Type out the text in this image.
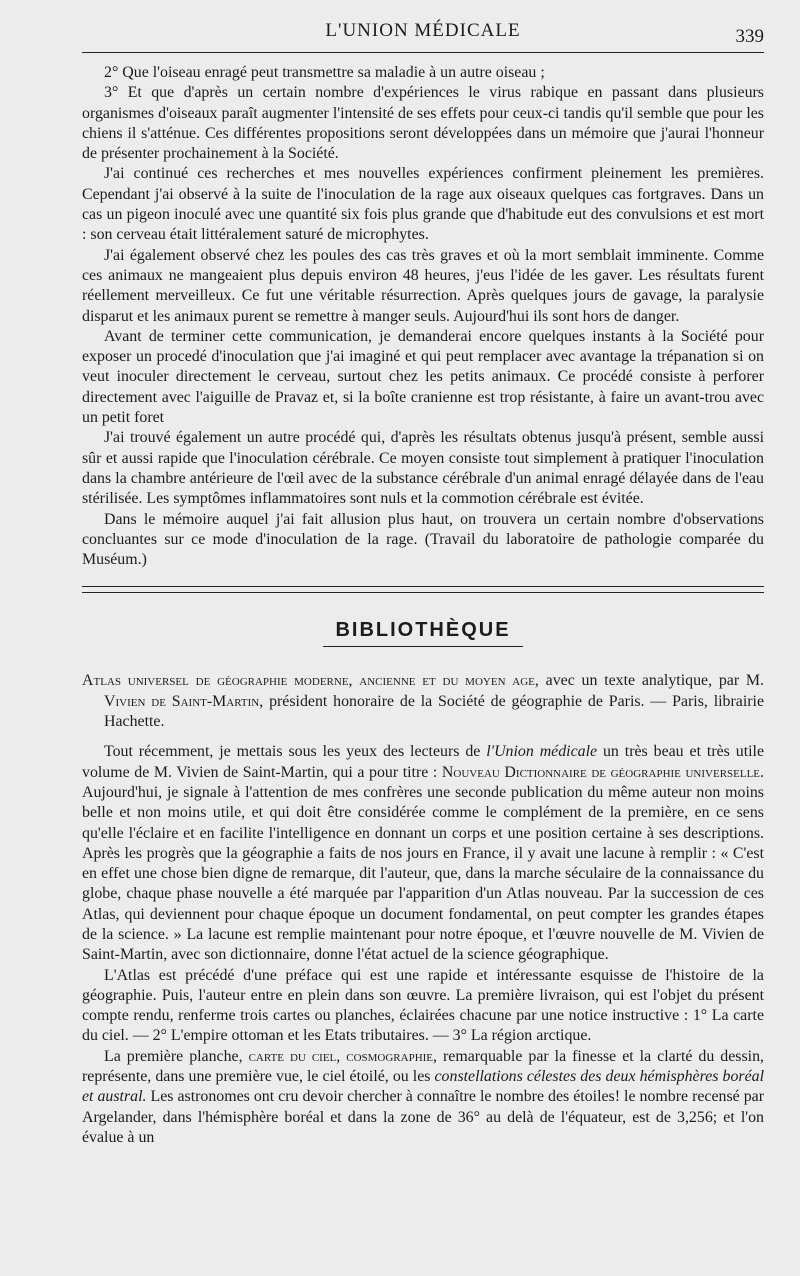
L'UNION MÉDICALE	339

2° Que l'oiseau enragé peut transmettre sa maladie à un autre oiseau ;

3° Et que d'après un certain nombre d'expériences le virus rabique en passant dans plusieurs organismes d'oiseaux paraît augmenter l'intensité de ses effets pour ceux-ci tandis qu'il semble que pour les chiens il s'atténue. Ces différentes propositions seront développées dans un mémoire que j'aurai l'honneur de présenter prochainement à la Société.

J'ai continué ces recherches et mes nouvelles expériences confirment pleinement les premières. Cependant j'ai observé à la suite de l'inoculation de la rage aux oiseaux quelques cas fortgraves. Dans un cas un pigeon inoculé avec une quantité six fois plus grande que d'habitude eut des convulsions et est mort : son cerveau était littéralement saturé de microphytes.

J'ai également observé chez les poules des cas très graves et où la mort semblait imminente. Comme ces animaux ne mangeaient plus depuis environ 48 heures, j'eus l'idée de les gaver. Les résultats furent réellement merveilleux. Ce fut une véritable résurrection. Après quelques jours de gavage, la paralysie disparut et les animaux purent se remettre à manger seuls. Aujourd'hui ils sont hors de danger.

Avant de terminer cette communication, je demanderai encore quelques instants à la Société pour exposer un procedé d'inoculation que j'ai imaginé et qui peut remplacer avec avantage la trépanation si on veut inoculer directement le cerveau, surtout chez les petits animaux. Ce procédé consiste à perforer directement avec l'aiguille de Pravaz et, si la boîte cranienne est trop résistante, à faire un avant-trou avec un petit foret

J'ai trouvé également un autre procédé qui, d'après les résultats obtenus jusqu'à présent, semble aussi sûr et aussi rapide que l'inoculation cérébrale. Ce moyen consiste tout simplement à pratiquer l'inoculation dans la chambre antérieure de l'œil avec de la substance cérébrale d'un animal enragé délayée dans de l'eau stérilisée. Les symptômes inflammatoires sont nuls et la commotion cérébrale est évitée.

Dans le mémoire auquel j'ai fait allusion plus haut, on trouvera un certain nombre d'observations concluantes sur ce mode d'inoculation de la rage. (Travail du laboratoire de pathologie comparée du Muséum.)

BIBLIOTHÈQUE

Atlas universel de géographie moderne, ancienne et du moyen age, avec un texte analytique, par M. Vivien de Saint-Martin, président honoraire de la Société de géographie de Paris. — Paris, librairie Hachette.

Tout récemment, je mettais sous les yeux des lecteurs de l'Union médicale un très beau et très utile volume de M. Vivien de Saint-Martin, qui a pour titre : Nouveau Dictionnaire de géographie universelle. Aujourd'hui, je signale à l'attention de mes confrères une seconde publication du même auteur non moins belle et non moins utile, et qui doit être considérée comme le complément de la première, en ce sens qu'elle l'éclaire et en facilite l'intelligence en donnant un corps et une position certaine à ses descriptions. Après les progrès que la géographie a faits de nos jours en France, il y avait une lacune à remplir : « C'est en effet une chose bien digne de remarque, dit l'auteur, que, dans la marche séculaire de la connaissance du globe, chaque phase nouvelle a été marquée par l'apparition d'un Atlas nouveau. Par la succession de ces Atlas, qui deviennent pour chaque époque un document fondamental, on peut compter les grandes étapes de la science. » La lacune est remplie maintenant pour notre époque, et l'œuvre nouvelle de M. Vivien de Saint-Martin, avec son dictionnaire, donne l'état actuel de la science géographique.

L'Atlas est précédé d'une préface qui est une rapide et intéressante esquisse de l'histoire de la géographie. Puis, l'auteur entre en plein dans son œuvre. La première livraison, qui est l'objet du présent compte rendu, renferme trois cartes ou planches, éclairées chacune par une notice instructive : 1° La carte du ciel. — 2° L'empire ottoman et les Etats tributaires. — 3° La région arctique.

La première planche, carte du ciel, cosmographie, remarquable par la finesse et la clarté du dessin, représente, dans une première vue, le ciel étoilé, ou les constellations célestes des deux hémisphères boréal et austral. Les astronomes ont cru devoir chercher à connaître le nombre des étoiles! le nombre recensé par Argelander, dans l'hémisphère boréal et dans la zone de 36° au delà de l'équateur, est de 3,256; et l'on évalue à un
